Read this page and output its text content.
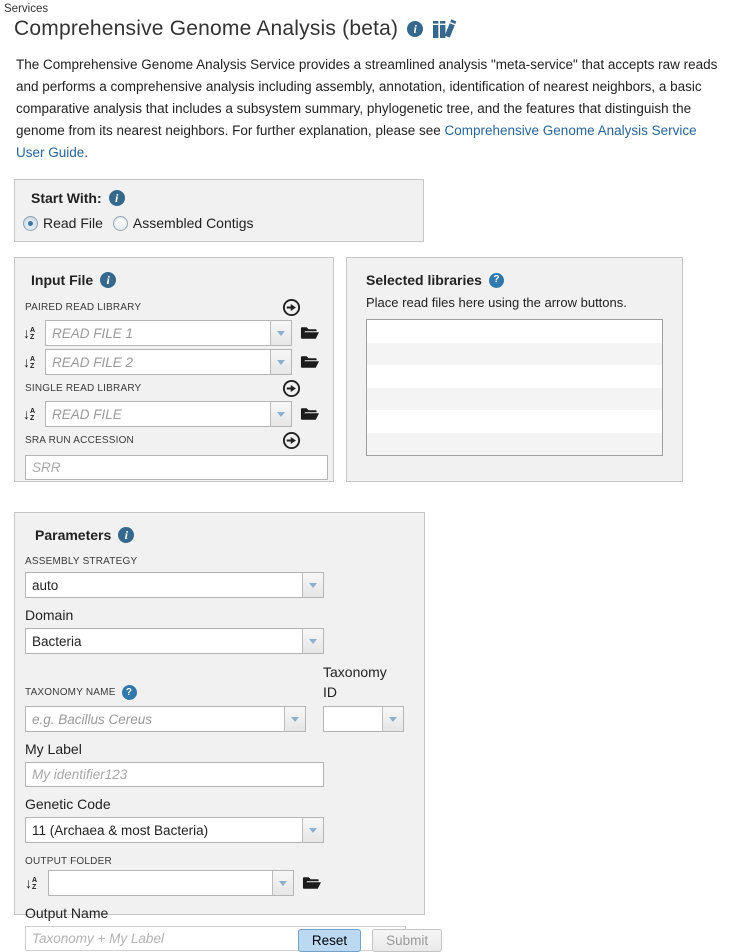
Services
Comprehensive Genome Analysis (beta)	i

The Comprehensive Genome Analysis Service provides a streamlined analysis "meta-service" that accepts raw reads and performs a comprehensive analysis including assembly, annotation, identification of nearest neighbors, a basic comparative analysis that includes a subsystem summary, phylogenetic tree, and the features that distinguish the genome from its nearest neighbors. For further explanation, please see Comprehensive Genome Analysis Service User Guide.

Start With:	i
Read File Assembled Contigs
Input File	i
PAIRED READ LIBRARY
↓ A
Z	READ FILE 1
↓ A
Z	READ FILE 2
SINGLE READ LIBRARY
↓ A
Z	READ FILE
SRA RUN ACCESSION
SRR
Selected libraries	?
Place read files here using the arrow buttons.
Parameters	i
ASSEMBLY STRATEGY
auto
Domain
Bacteria
TAXONOMY NAME	?
e.g. Bacillus Cereus
Taxonomy ID
My Label
My identifier123
Genetic Code
11 (Archaea & most Bacteria)
OUTPUT FOLDER
↓ A
Z
Output Name
Taxonomy + My Label
Reset	Submit
